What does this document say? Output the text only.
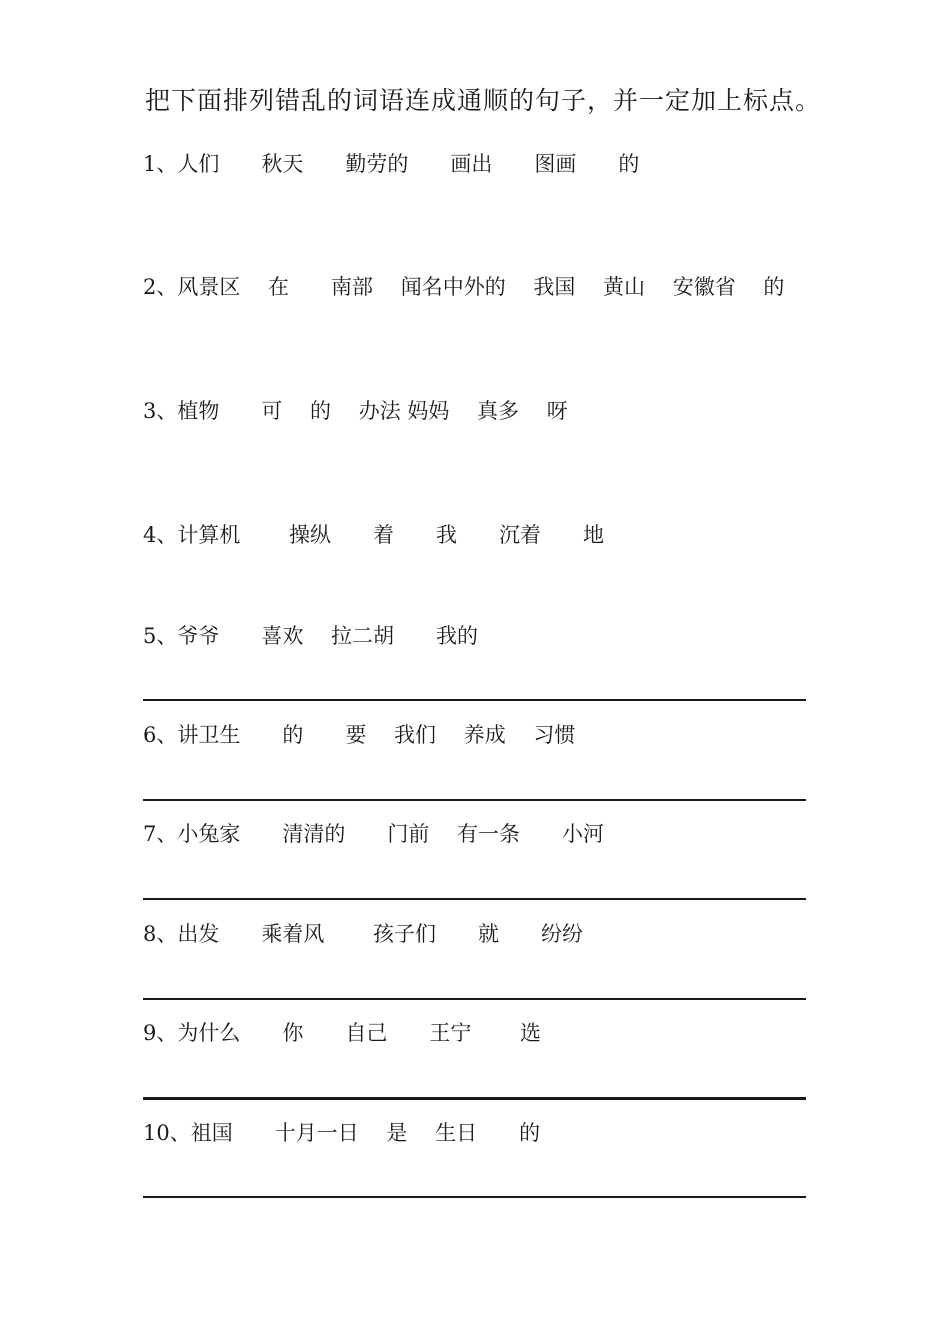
把下面排列错乱的词语连成通顺的句子，并一定加上标点。
1、人们　　秋天　　勤劳的　　画出　　图画　　的
2、风景区　 在　　南部　 闻名中外的　 我国　 黄山　 安徽省　 的
3、植物　　可　 的　 办法 妈妈　 真多　 呀
4、计算机　　 操纵　　着　　我　　沉着　　地
5、爷爷　　喜欢　 拉二胡　　我的
6、讲卫生　　的　　要　 我们　 养成　 习惯
7、小兔家　　清清的　　门前　 有一条　　小河
8、出发　　乘着风　　 孩子们　　就　　纷纷
9、为什么　　你　　自己　　王宁　　 选
10、祖国　　十月一日　 是　 生日　　的
